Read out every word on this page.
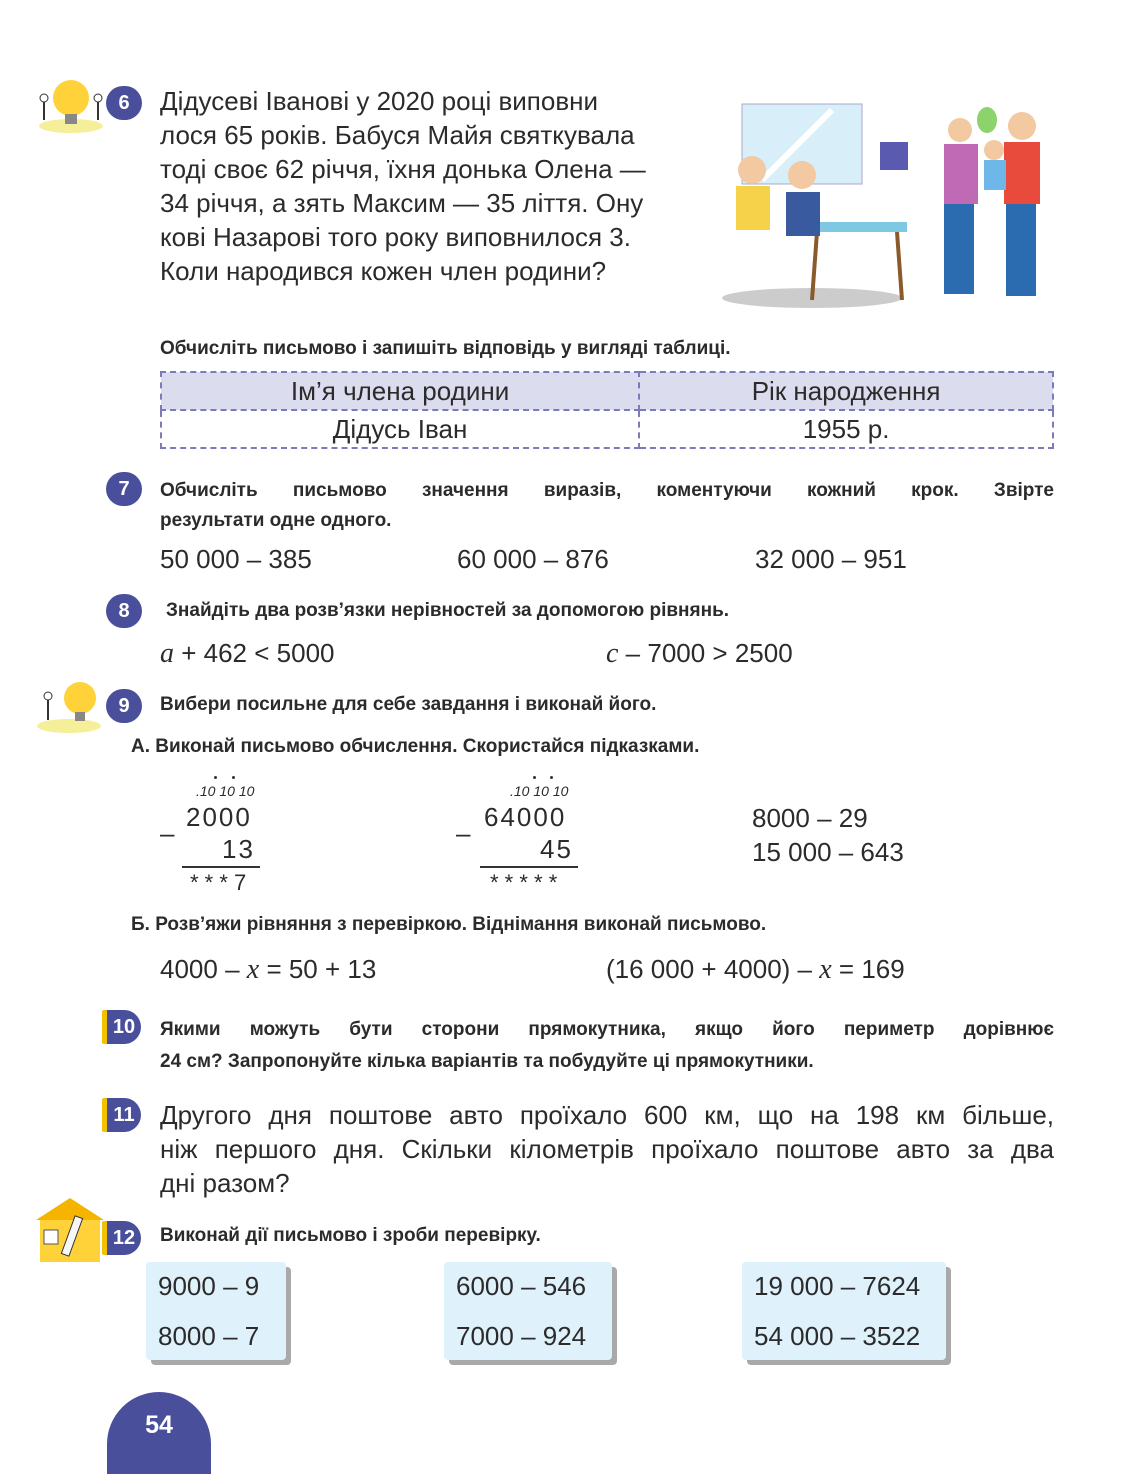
6	Дідусеві Іванові у 2020 році виповни
лося 65 років. Бабуся Майя святкувала
тоді своє 62 річчя, їхня донька Олена —
34 річчя, а зять Максим — 35 ліття. Ону
кові Назарові того року виповнилося 3.
Коли народився кожен член родини?
Обчисліть письмово і запишіть відповідь у вигляді таблиці.
Ім’я члена родини	Рік народження
Дідусь Іван	1955 р.
7	Обчисліть письмово значення виразів, коментуючи кожний крок. Звірте
результати одне одного.
50 000 – 385	60 000 – 876	32 000 – 951
8	Знайдіть два розв’язки нерівностей за допомогою рівнянь.
a + 462 < 5000	c – 7000 > 2500
9	Вибери посильне для себе завдання і виконай його.
А. Виконай письмово обчислення. Скористайся підказками.
.10 10 10
–
2000
13
* * * 7
.10 10 10
–
64000
45
* * * * *
8000 – 29
15 000 – 643
Б. Розв’яжи рівняння з перевіркою. Віднімання виконай письмово.
4000 – x = 50 + 13	(16 000 + 4000) – x = 169
10	Якими можуть бути сторони прямокутника, якщо його периметр дорівнює
24 см? Запропонуйте кілька варіантів та побудуйте ці прямокутники.
11 Другого дня поштове авто проїхало 600 км, що на 198 км більше,
ніж першого дня. Скільки кілометрів проїхало поштове авто за два
дні разом?
12	Виконай дії письмово і зроби перевірку.
9000 – 9
8000 – 7
6000 – 546
7000 – 924
19 000 – 7624
54 000 – 3522
54
